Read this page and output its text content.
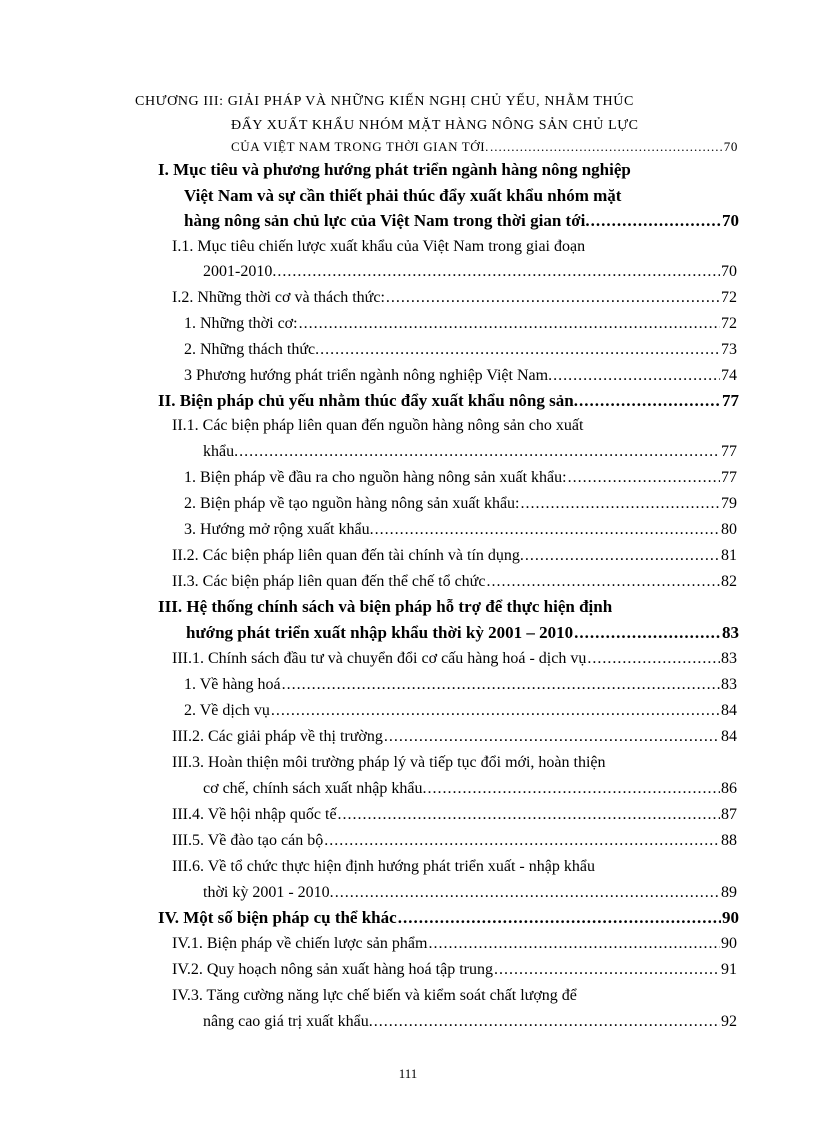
CHƯƠNG III: GIẢI PHÁP VÀ NHỮNG KIẾN NGHỊ CHỦ YẾU, NHẰM THÚC
ĐẨY XUẤT KHẨU NHÓM MẶT HÀNG NÔNG SẢN CHỦ LỰC
CỦA VIỆT NAM TRONG THỜI GIAN TỚI. .....	70
I. Mục tiêu và phương hướng phát triển ngành hàng nông nghiệp
Việt Nam và sự cần thiết phải thúc đẩy xuất khẩu nhóm mặt
hàng nông sản chủ lực của Việt Nam trong thời gian tới. .....	70
I.1. Mục tiêu chiến lược xuất khẩu của Việt Nam trong giai đoạn
2001-2010. .....	70
I.2. Những thời cơ và thách thức: .....	72
1. Những thời cơ: .....	72
2. Những thách thức. .....	73
3 Phương hướng phát triển ngành nông nghiệp Việt Nam. .....	74
II. Biện pháp chủ yếu nhằm thúc đẩy xuất khẩu nông sản. .....	77
II.1. Các biện pháp liên quan đến nguồn hàng nông sản cho xuất
khẩu. .....	77
1. Biện pháp về đầu ra cho nguồn hàng nông sản xuất khẩu: .....	77
2. Biện pháp về tạo nguồn hàng nông sản xuất khẩu: .....	79
3. Hướng mở rộng xuất khẩu. .....	80
II.2. Các biện pháp liên quan đến tài chính và tín dụng. .....	81
II.3. Các biện pháp liên quan đến thể chế tổ chức .....	82
III. Hệ thống chính sách và biện pháp hỗ trợ để thực hiện định
hướng phát triển xuất nhập khẩu thời kỳ 2001 – 2010 .....	83
III.1. Chính sách đầu tư và chuyển đổi cơ cấu hàng hoá - dịch vụ .....	83
1. Về hàng hoá .....	83
2. Về dịch vụ .....	84
III.2. Các giải pháp về thị trường .....	84
III.3. Hoàn thiện môi trường pháp lý và tiếp tục đổi mới, hoàn thiện
cơ chế, chính sách xuất nhập khẩu. .....	86
III.4. Về hội nhập quốc tế .....	87
III.5. Về đào tạo cán bộ .....	88
III.6. Về tổ chức thực hiện định hướng phát triển xuất - nhập khẩu
thời kỳ 2001 - 2010. .....	89
IV. Một số biện pháp cụ thể khác .....	90
IV.1. Biện pháp về chiến lược sản phẩm .....	90
IV.2. Quy hoạch nông sản xuất hàng hoá tập trung .....	91
IV.3. Tăng cường năng lực chế biến và kiểm soát chất lượng để
nâng cao giá trị xuất khẩu. .....	92
111
